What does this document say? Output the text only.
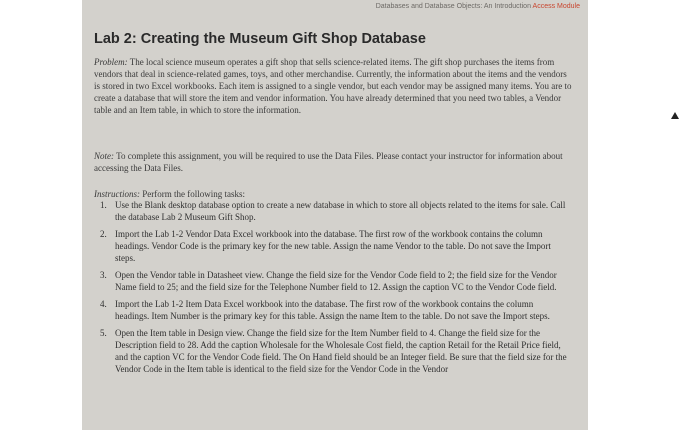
Databases and Database Objects: An Introduction Access Module
Lab 2: Creating the Museum Gift Shop Database

Problem: The local science museum operates a gift shop that sells science-related items. The gift shop purchases the items from vendors that deal in science-related games, toys, and other merchandise. Currently, the information about the items and the vendors is stored in two Excel workbooks. Each item is assigned to a single vendor, but each vendor may be assigned many items. You are to create a database that will store the item and vendor information. You have already determined that you need two tables, a Vendor table and an Item table, in which to store the information.

Note: To complete this assignment, you will be required to use the Data Files. Please contact your instructor for information about accessing the Data Files.

Instructions: Perform the following tasks:

1. Use the Blank desktop database option to create a new database in which to store all objects related to the items for sale. Call the database Lab 2 Museum Gift Shop.
2. Import the Lab 1-2 Vendor Data Excel workbook into the database. The first row of the workbook contains the column headings. Vendor Code is the primary key for the new table. Assign the name Vendor to the table. Do not save the Import steps.
3. Open the Vendor table in Datasheet view. Change the field size for the Vendor Code field to 2; the field size for the Vendor Name field to 25; and the field size for the Telephone Number field to 12. Assign the caption VC to the Vendor Code field.
4. Import the Lab 1-2 Item Data Excel workbook into the database. The first row of the workbook contains the column headings. Item Number is the primary key for this table. Assign the name Item to the table. Do not save the Import steps.
5. Open the Item table in Design view. Change the field size for the Item Number field to 4. Change the field size for the Description field to 28. Add the caption Wholesale for the Wholesale Cost field, the caption Retail for the Retail Price field, and the caption VC for the Vendor Code field. The On Hand field should be an Integer field. Be sure that the field size for the Vendor Code in the Item table is identical to the field size for the Vendor Code in the Vendor
